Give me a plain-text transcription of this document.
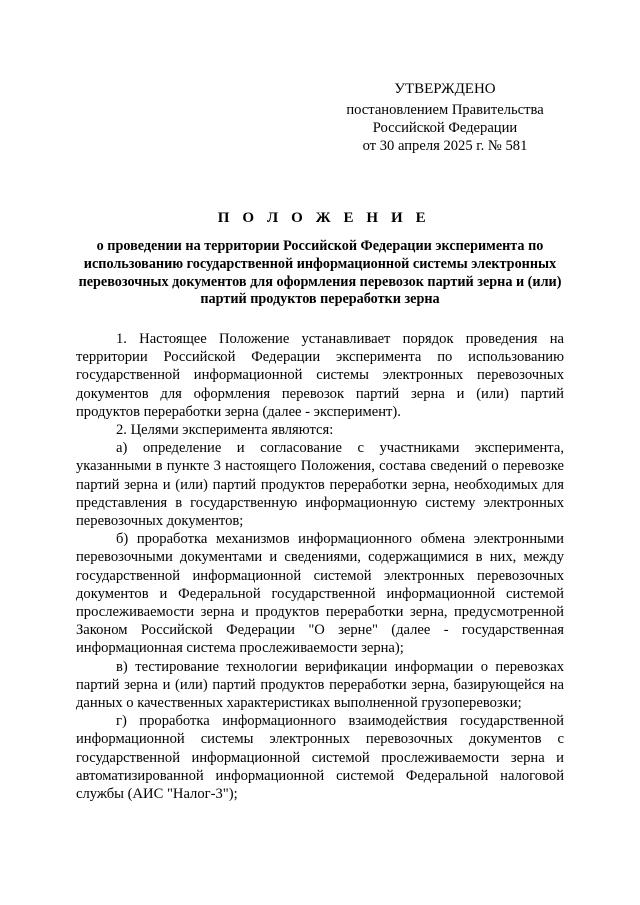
УТВЕРЖДЕНО
постановлением Правительства
Российской Федерации
от 30 апреля 2025 г. № 581
П О Л О Ж Е Н И Е
о проведении на территории Российской Федерации эксперимента по использованию государственной информационной системы электронных перевозочных документов для оформления перевозок партий зерна и (или) партий продуктов переработки зерна

1. Настоящее Положение устанавливает порядок проведения на территории Российской Федерации эксперимента по использованию государственной информационной системы электронных перевозочных документов для оформления перевозок партий зерна и (или) партий продуктов переработки зерна (далее - эксперимент).

2. Целями эксперимента являются:

а) определение и согласование с участниками эксперимента, указанными в пункте 3 настоящего Положения, состава сведений о перевозке партий зерна и (или) партий продуктов переработки зерна, необходимых для представления в государственную информационную систему электронных перевозочных документов;

б) проработка механизмов информационного обмена электронными перевозочными документами и сведениями, содержащимися в них, между государственной информационной системой электронных перевозочных документов и Федеральной государственной информационной системой прослеживаемости зерна и продуктов переработки зерна, предусмотренной Законом Российской Федерации "О зерне" (далее - государственная информационная система прослеживаемости зерна);

в) тестирование технологии верификации информации о перевозках партий зерна и (или) партий продуктов переработки зерна, базирующейся на данных о качественных характеристиках выполненной грузоперевозки;

г) проработка информационного взаимодействия государственной информационной системы электронных перевозочных документов с государственной информационной системой прослеживаемости зерна и автоматизированной информационной системой Федеральной налоговой службы (АИС "Налог-3");
